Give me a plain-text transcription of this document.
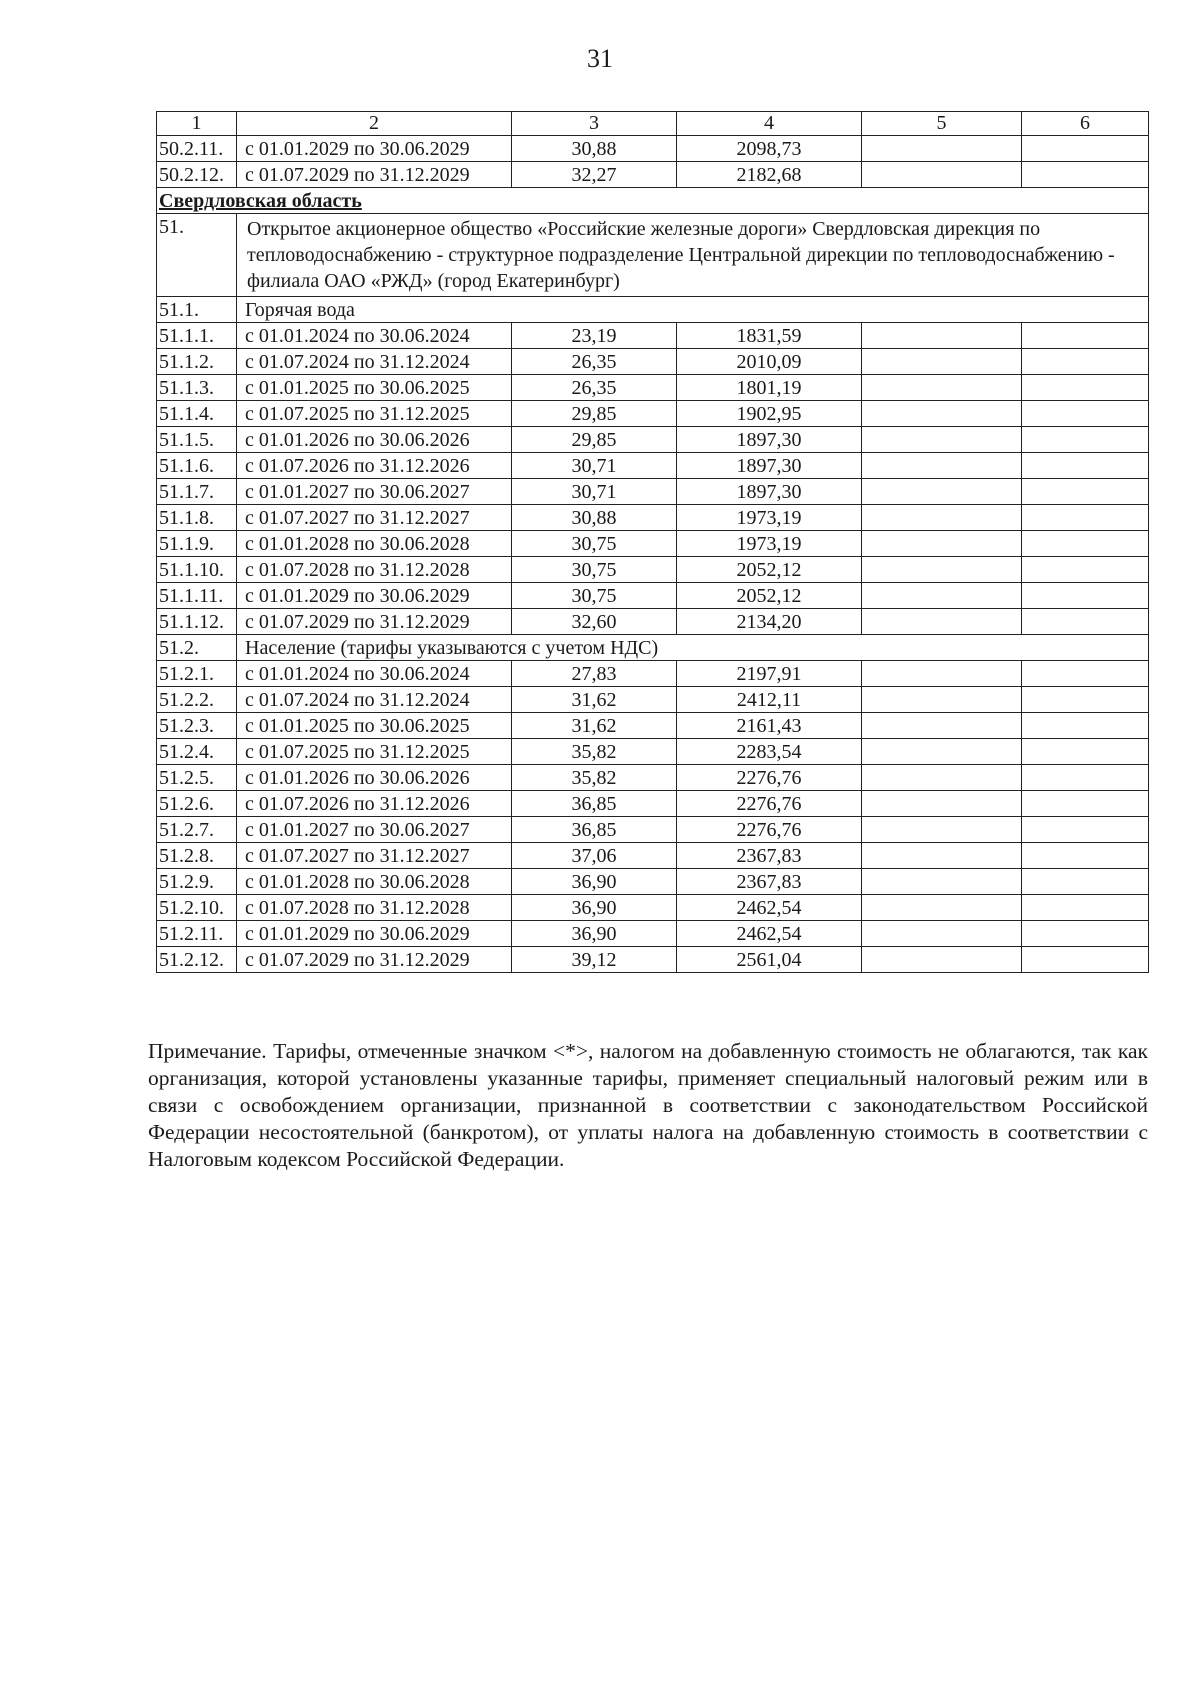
31
1	2	3	4	5	6
50.2.11.	с 01.01.2029 по 30.06.2029	30,88	2098,73		
50.2.12.	с 01.07.2029 по 31.12.2029	32,27	2182,68		
Свердловская область					
51.	Открытое акционерное общество «Российские железные дороги» Свердловская дирекция по тепловодоснабжению - структурное подразделение Центральной дирекции по тепловодоснабжению - филиала ОАО «РЖД» (город Екатеринбург)				
51.1.	Горячая вода				
51.1.1.	с 01.01.2024 по 30.06.2024	23,19	1831,59		
51.1.2.	с 01.07.2024 по 31.12.2024	26,35	2010,09		
51.1.3.	с 01.01.2025 по 30.06.2025	26,35	1801,19		
51.1.4.	с 01.07.2025 по 31.12.2025	29,85	1902,95		
51.1.5.	с 01.01.2026 по 30.06.2026	29,85	1897,30		
51.1.6.	с 01.07.2026 по 31.12.2026	30,71	1897,30		
51.1.7.	с 01.01.2027 по 30.06.2027	30,71	1897,30		
51.1.8.	с 01.07.2027 по 31.12.2027	30,88	1973,19		
51.1.9.	с 01.01.2028 по 30.06.2028	30,75	1973,19		
51.1.10.	с 01.07.2028 по 31.12.2028	30,75	2052,12		
51.1.11.	с 01.01.2029 по 30.06.2029	30,75	2052,12		
51.1.12.	с 01.07.2029 по 31.12.2029	32,60	2134,20		
51.2.	Население (тарифы указываются с учетом НДС)				
51.2.1.	с 01.01.2024 по 30.06.2024	27,83	2197,91		
51.2.2.	с 01.07.2024 по 31.12.2024	31,62	2412,11		
51.2.3.	с 01.01.2025 по 30.06.2025	31,62	2161,43		
51.2.4.	с 01.07.2025 по 31.12.2025	35,82	2283,54		
51.2.5.	с 01.01.2026 по 30.06.2026	35,82	2276,76		
51.2.6.	с 01.07.2026 по 31.12.2026	36,85	2276,76		
51.2.7.	с 01.01.2027 по 30.06.2027	36,85	2276,76		
51.2.8.	с 01.07.2027 по 31.12.2027	37,06	2367,83		
51.2.9.	с 01.01.2028 по 30.06.2028	36,90	2367,83		
51.2.10.	с 01.07.2028 по 31.12.2028	36,90	2462,54		
51.2.11.	с 01.01.2029 по 30.06.2029	36,90	2462,54		
51.2.12.	с 01.07.2029 по 31.12.2029	39,12	2561,04		

Примечание. Тарифы, отмеченные значком <*>, налогом на добавленную стоимость не облагаются, так как организация, которой установлены указанные тарифы, применяет специальный налоговый режим или в связи с освобождением организации, признанной в соответствии с законодательством Российской Федерации несостоятельной (банкротом), от уплаты налога на добавленную стоимость в соответствии с Налоговым кодексом Российской Федерации.
